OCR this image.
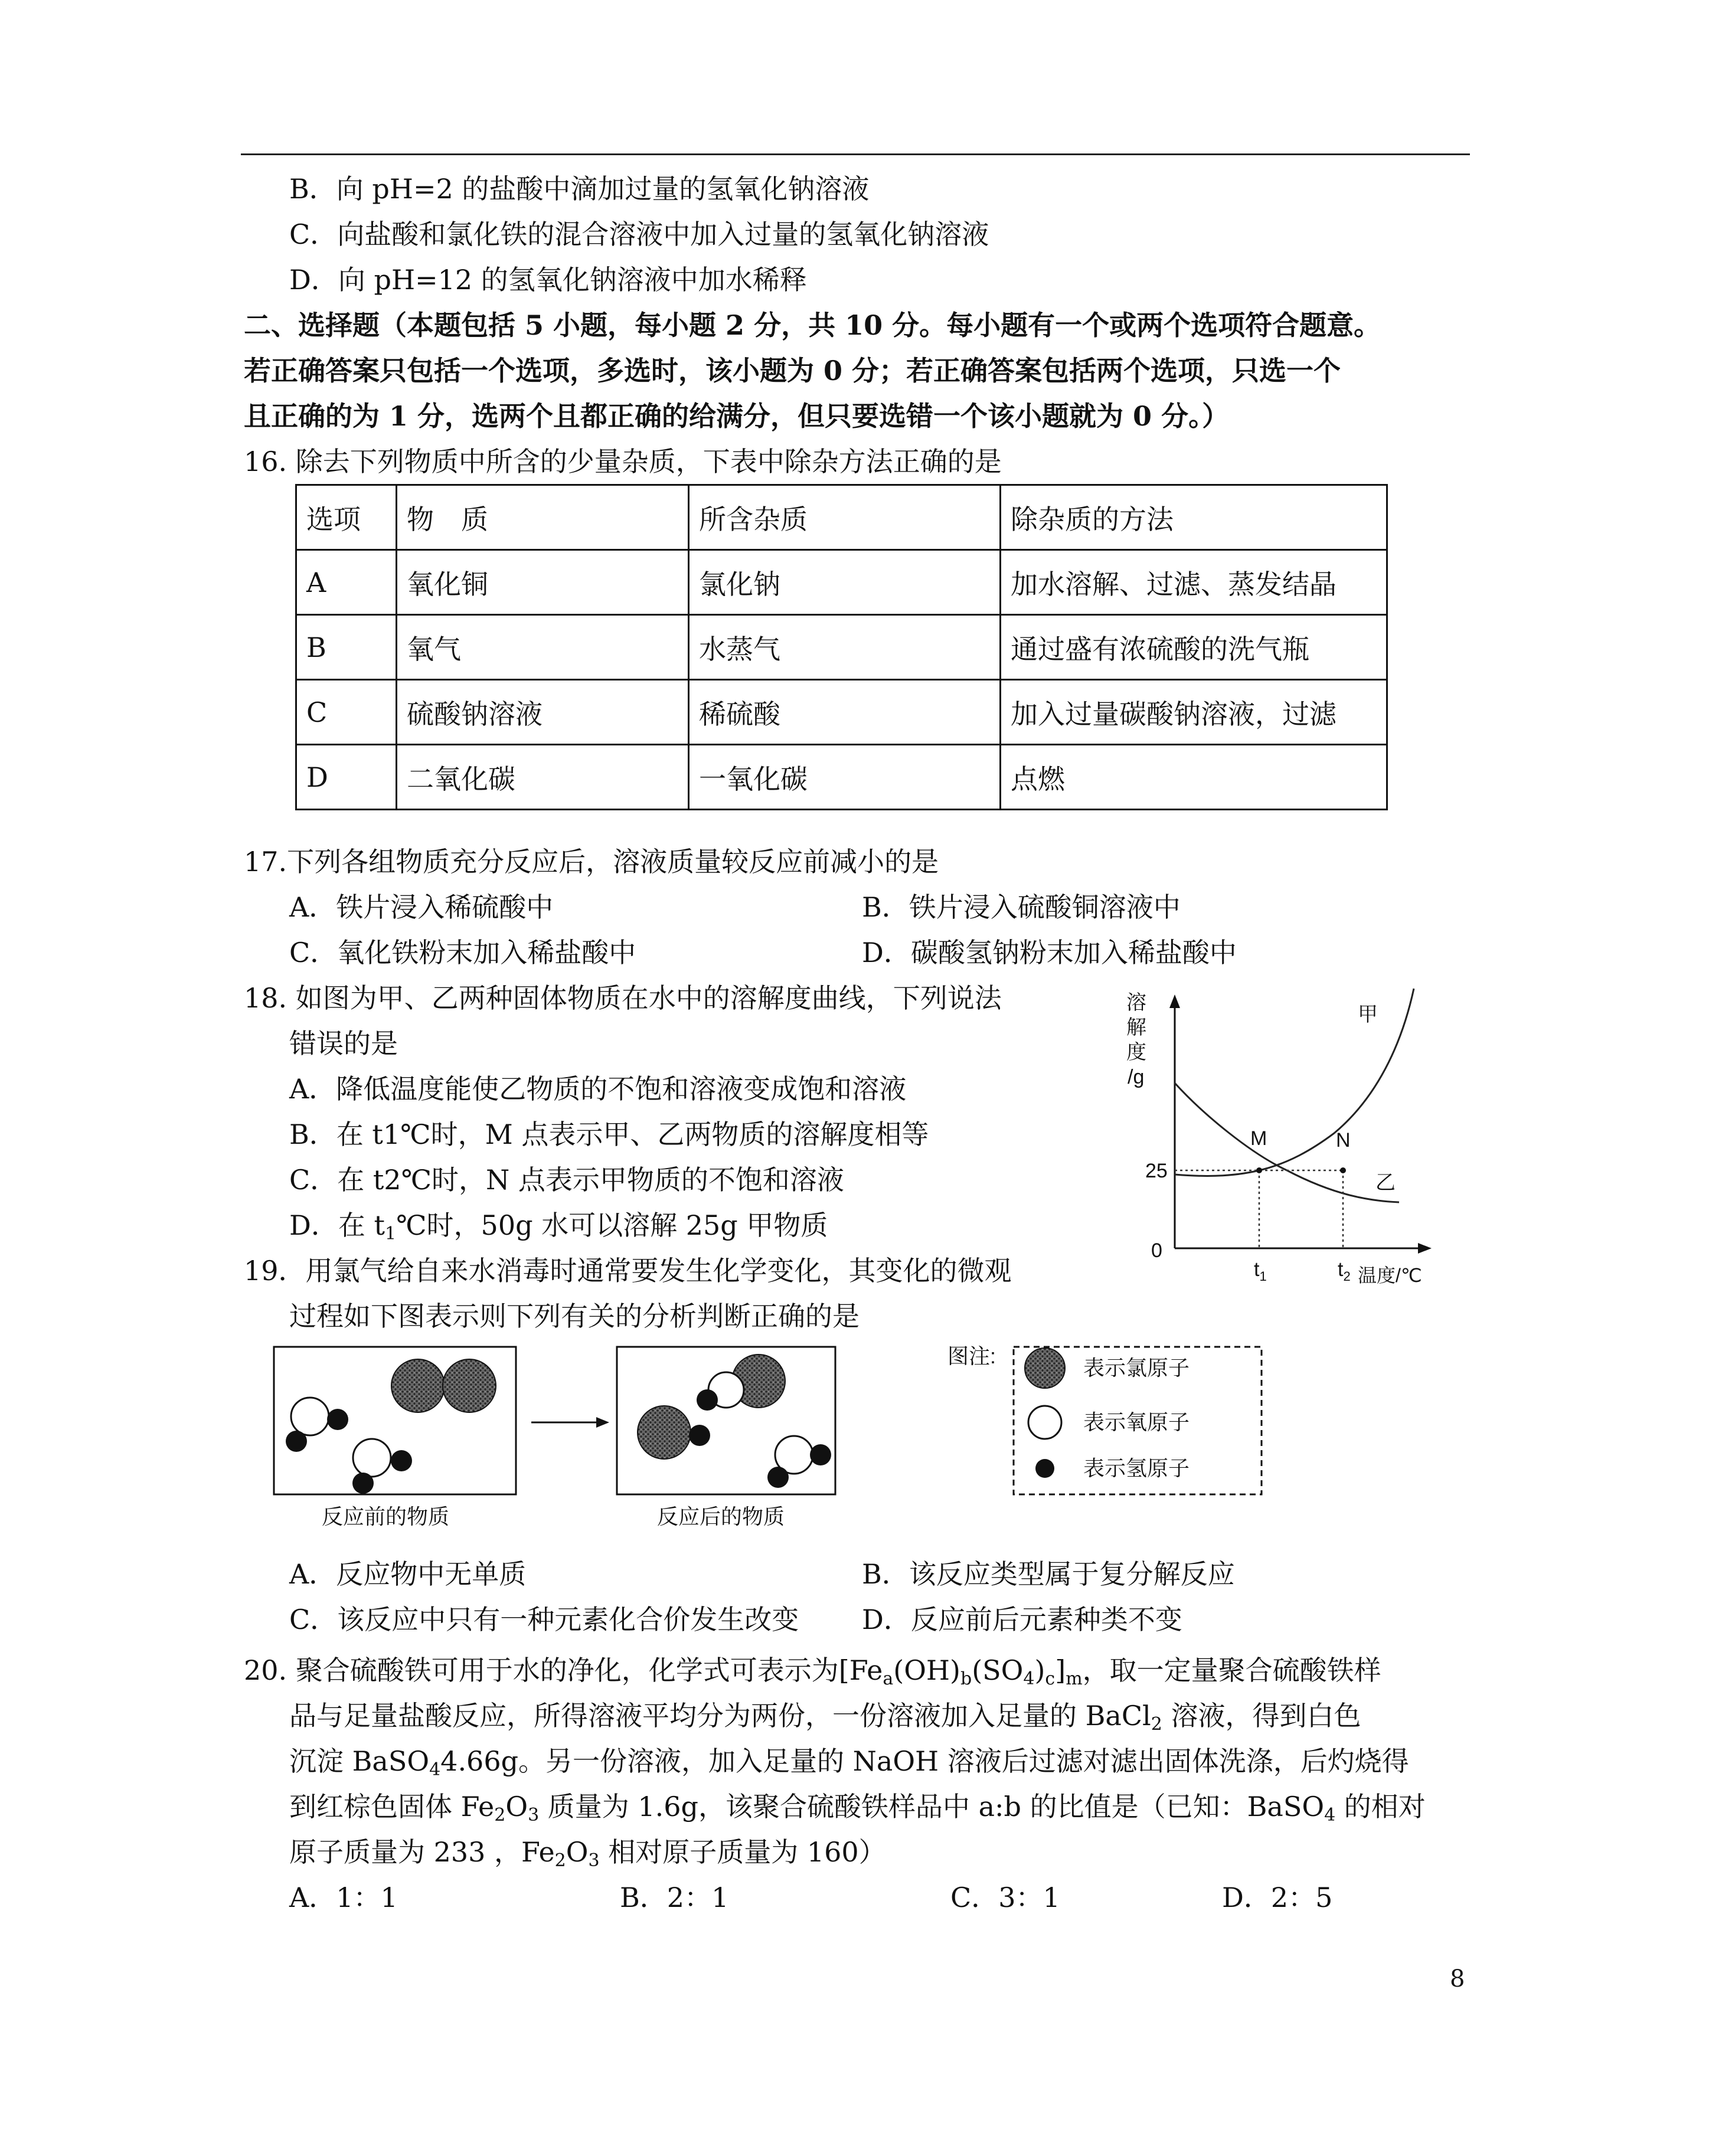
B．向 pH=2 的盐酸中滴加过量的氢氧化钠溶液
C．向盐酸和氯化铁的混合溶液中加入过量的氢氧化钠溶液
D．向 pH=12 的氢氧化钠溶液中加水稀释
二、选择题（本题包括 5 小题，每小题 2 分，共 10 分。每小题有一个或两个选项符合题意。
若正确答案只包括一个选项，多选时，该小题为 0 分；若正确答案包括两个选项，只选一个
且正确的为 1 分，选两个且都正确的给满分，但只要选错一个该小题就为 0 分。）
16. 除去下列物质中所含的少量杂质，下表中除杂方法正确的是
选项	物　质	所含杂质	除杂质的方法
A	氧化铜	氯化钠	加水溶解、过滤、蒸发结晶
B	氧气	水蒸气	通过盛有浓硫酸的洗气瓶
C	硫酸钠溶液	稀硫酸	加入过量碳酸钠溶液，过滤
D	二氧化碳	一氧化碳	点燃
17.下列各组物质充分反应后，溶液质量较反应前减小的是
A．铁片浸入稀硫酸中	B．铁片浸入硫酸铜溶液中
C．氧化铁粉末加入稀盐酸中	D．碳酸氢钠粉末加入稀盐酸中
18. 如图为甲、乙两种固体物质在水中的溶解度曲线，下列说法
错误的是
A．降低温度能使乙物质的不饱和溶液变成饱和溶液
B．在 t1℃时，M 点表示甲、乙两物质的溶解度相等
C．在 t2℃时，N 点表示甲物质的不饱和溶液
D．在 $t_1℃$时，50g 水可以溶解 25g 甲物质
溶
解
度
/g
甲
乙
M	N
25
0
$t_1$	$t_2$ 温度/℃
19．用氯气给自来水消毒时通常要发生化学变化，其变化的微观
过程如下图表示则下列有关的分析判断正确的是
图注:	表示氯原子
表示氧原子
表示氢原子
反应前的物质	反应后的物质
A．反应物中无单质	B．该反应类型属于复分解反应
C．该反应中只有一种元素化合价发生改变 D．反应前后元素种类不变
20. 聚合硫酸铁可用于水的净化，化学式可表示为$[Fe_a(OH)_b(SO_4)_c]_m$，取一定量聚合硫酸铁样
品与足量盐酸反应，所得溶液平均分为两份，一份溶液加入足量的 BaCl$_2$ 溶液，得到白色
沉淀 BaSO$_4$4.66g。另一份溶液，加入足量的 NaOH 溶液后过滤对滤出固体洗涤，后灼烧得
到红棕色固体 $Fe_2O_3$ 质量为 1.6g，该聚合硫酸铁样品中 a:b 的比值是（已知：BaSO$_4$ 的相对
原子质量为 233 ，$Fe_2O_3$ 相对原子质量为 160）
A．1：1	B．2：1	C．3：1	D．2：5
8
